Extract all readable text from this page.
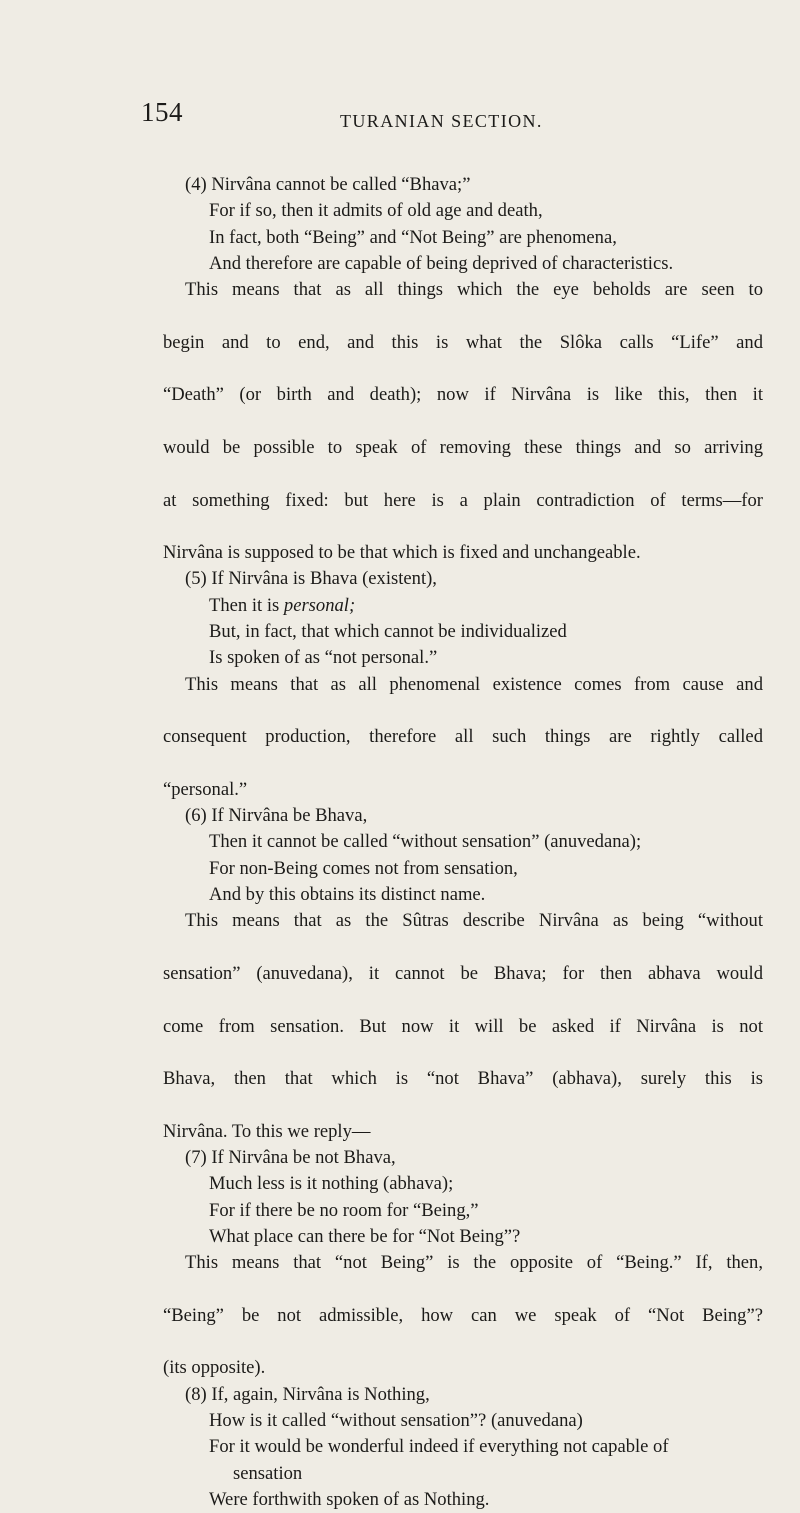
154	TURANIAN SECTION.

(4) Nirvâna cannot be called “Bhava;”

For if so, then it admits of old age and death,

In fact, both “Being” and “Not Being” are phenomena,

And therefore are capable of being deprived of characteristics.

This means that as all things which the eye beholds are seen to

begin and to end, and this is what the Slôka calls “Life” and

“Death” (or birth and death); now if Nirvâna is like this, then it

would be possible to speak of removing these things and so arriving

at something fixed: but here is a plain contradiction of terms—for

Nirvâna is supposed to be that which is fixed and unchangeable.

(5) If Nirvâna is Bhava (existent),

Then it is personal;

But, in fact, that which cannot be individualized

Is spoken of as “not personal.”

This means that as all phenomenal existence comes from cause and

consequent production, therefore all such things are rightly called

“personal.”

(6) If Nirvâna be Bhava,

Then it cannot be called “without sensation” (anuvedana);

For non-Being comes not from sensation,

And by this obtains its distinct name.

This means that as the Sûtras describe Nirvâna as being “without

sensation” (anuvedana), it cannot be Bhava; for then abhava would

come from sensation. But now it will be asked if Nirvâna is not

Bhava, then that which is “not Bhava” (abhava), surely this is

Nirvâna. To this we reply—

(7) If Nirvâna be not Bhava,

Much less is it nothing (abhava);

For if there be no room for “Being,”

What place can there be for “Not Being”?

This means that “not Being” is the opposite of “Being.” If, then,

“Being” be not admissible, how can we speak of “Not Being”?

(its opposite).

(8) If, again, Nirvâna is Nothing,

How is it called “without sensation”? (anuvedana)

For it would be wonderful indeed if everything not capable of

sensation

Were forthwith spoken of as Nothing.
